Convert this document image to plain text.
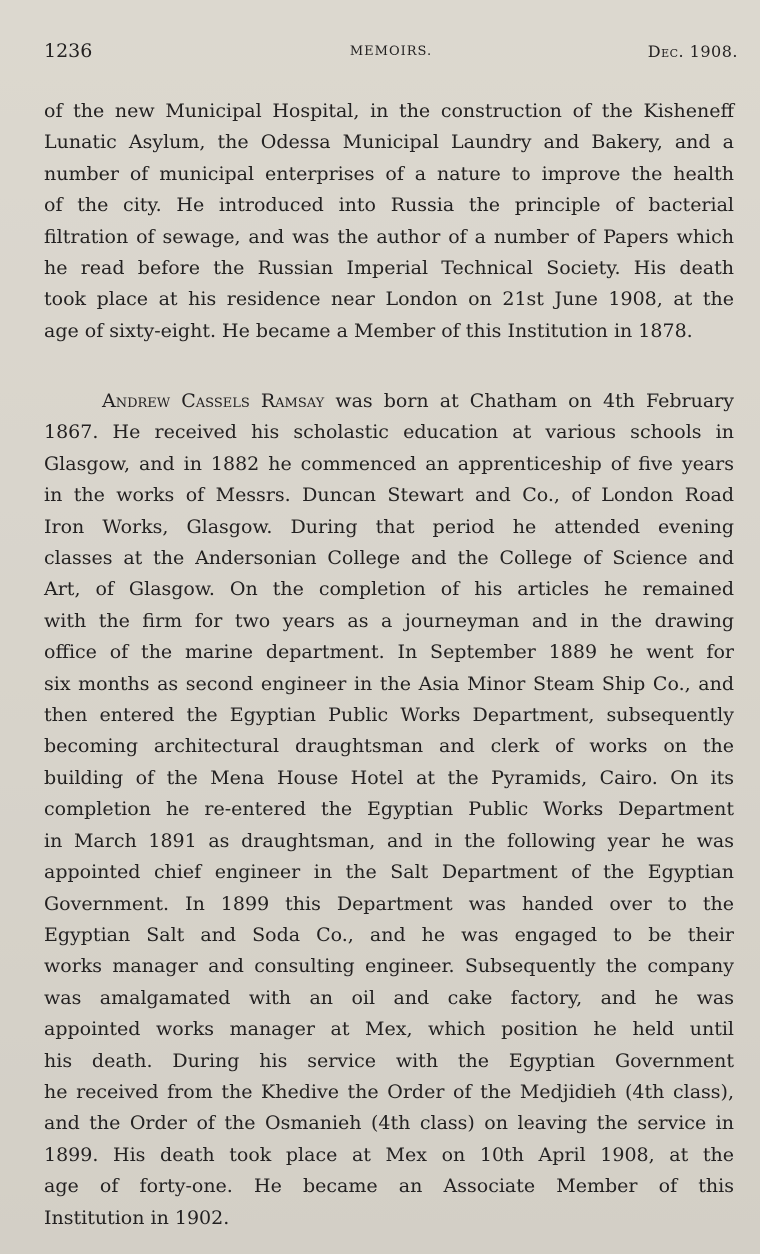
1236	MEMOIRS.	Dec. 1908.
of the new Municipal Hospital, in the construction of the Kisheneff
Lunatic Asylum, the Odessa Municipal Laundry and Bakery, and a
number of municipal enterprises of a nature to improve the health
of the city. He introduced into Russia the principle of bacterial
filtration of sewage, and was the author of a number of Papers which
he read before the Russian Imperial Technical Society. His death
took place at his residence near London on 21st June 1908, at the
age of sixty-eight. He became a Member of this Institution in 1878.
Andrew Cassels Ramsay was born at Chatham on 4th February
1867. He received his scholastic education at various schools in
Glasgow, and in 1882 he commenced an apprenticeship of five years
in the works of Messrs. Duncan Stewart and Co., of London Road
Iron Works, Glasgow. During that period he attended evening
classes at the Andersonian College and the College of Science and
Art, of Glasgow. On the completion of his articles he remained
with the firm for two years as a journeyman and in the drawing
office of the marine department. In September 1889 he went for
six months as second engineer in the Asia Minor Steam Ship Co., and
then entered the Egyptian Public Works Department, subsequently
becoming architectural draughtsman and clerk of works on the
building of the Mena House Hotel at the Pyramids, Cairo. On its
completion he re-entered the Egyptian Public Works Department
in March 1891 as draughtsman, and in the following year he was
appointed chief engineer in the Salt Department of the Egyptian
Government. In 1899 this Department was handed over to the
Egyptian Salt and Soda Co., and he was engaged to be their
works manager and consulting engineer. Subsequently the company
was amalgamated with an oil and cake factory, and he was
appointed works manager at Mex, which position he held until
his death. During his service with the Egyptian Government
he received from the Khedive the Order of the Medjidieh (4th class),
and the Order of the Osmanieh (4th class) on leaving the service in
1899. His death took place at Mex on 10th April 1908, at the
age of forty-one. He became an Associate Member of this
Institution in 1902.
